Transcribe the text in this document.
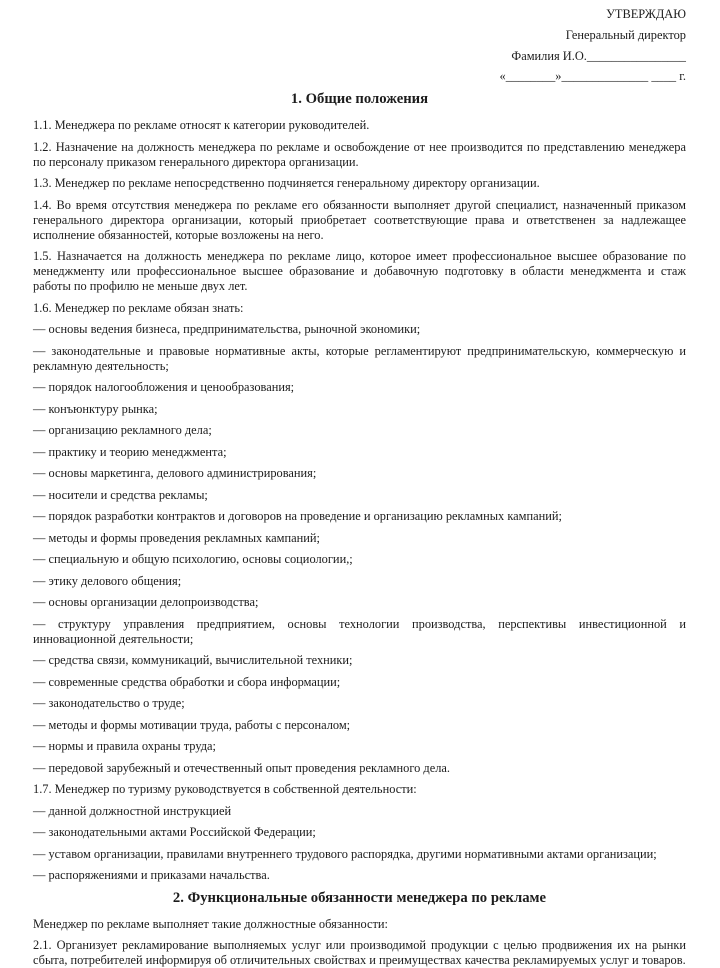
УТВЕРЖДАЮ
Генеральный директор
Фамилия И.О.________________
«________»______________ ____ г.
1. Общие положения
1.1. Менеджера по рекламе относят к категории руководителей.
1.2. Назначение на должность менеджера по рекламе и освобождение от нее производится по представлению менеджера по персоналу приказом генерального директора организации.
1.3. Менеджер по рекламе непосредственно подчиняется генеральному директору организации.
1.4. Во время отсутствия менеджера по рекламе его обязанности выполняет другой специалист, назначенный приказом генерального директора организации, который приобретает соответствующие права и ответственен за надлежащее исполнение обязанностей, которые возложены на него.
1.5. Назначается на должность менеджера по рекламе лицо, которое имеет профессиональное высшее образование по менеджменту или профессиональное высшее образование и добавочную подготовку в области менеджмента и стаж работы по профилю не меньше двух лет.
1.6. Менеджер по рекламе обязан знать:
— основы ведения бизнеса, предпринимательства, рыночной экономики;
— законодательные и правовые нормативные акты, которые регламентируют предпринимательскую, коммерческую и рекламную деятельность;
— порядок налогообложения и ценообразования;
— конъюнктуру рынка;
— организацию рекламного дела;
— практику и теорию менеджмента;
— основы маркетинга, делового администрирования;
— носители и средства рекламы;
— порядок разработки контрактов и договоров на проведение и организацию рекламных кампаний;
— методы и формы проведения рекламных кампаний;
— специальную и общую психологию, основы социологии,;
— этику делового общения;
— основы организации делопроизводства;
— структуру управления предприятием, основы технологии производства, перспективы инвестиционной и инновационной деятельности;
— средства связи, коммуникаций, вычислительной техники;
— современные средства обработки и сбора информации;
— законодательство о труде;
— методы и формы мотивации труда, работы с персоналом;
— нормы и правила охраны труда;
— передовой зарубежный и отечественный опыт проведения рекламного дела.
1.7. Менеджер по туризму руководствуется в собственной деятельности:
— данной должностной инструкцией
— законодательными актами Российской Федерации;
— уставом организации, правилами внутреннего трудового распорядка, другими нормативными актами организации;
— распоряжениями и приказами начальства.
2. Функциональные обязанности менеджера по рекламе
Менеджер по рекламе выполняет такие должностные обязанности:
2.1. Организует рекламирование выполняемых услуг или производимой продукции с целью продвижения их на рынки сбыта, потребителей информируя об отличительных свойствах и преимуществах качества рекламируемых услуг и товаров.
